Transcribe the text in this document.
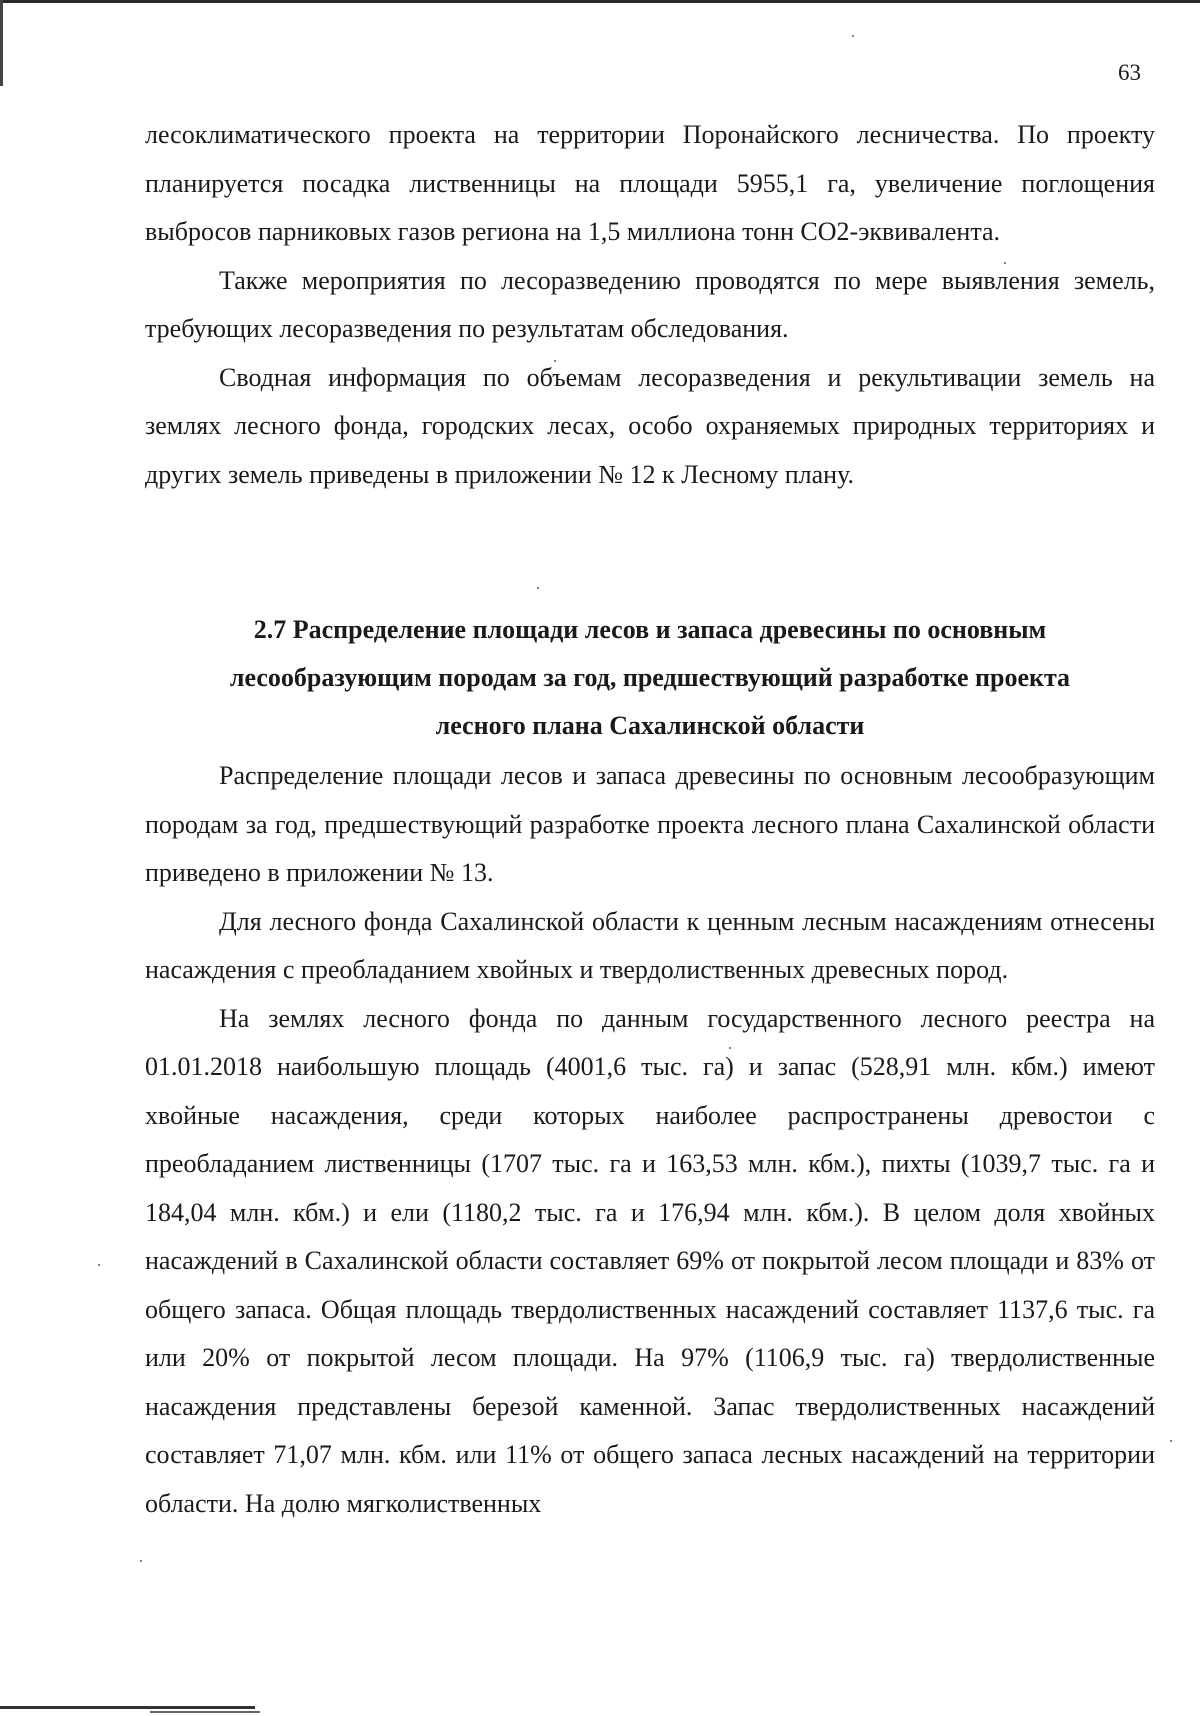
63

лесоклиматического проекта на территории Поронайского лесничества. По проекту планируется посадка лиственницы на площади 5955,1 га, увеличение поглощения выбросов парниковых газов региона на 1,5 миллиона тонн CO2-эквивалента.

Также мероприятия по лесоразведению проводятся по мере выявления земель, требующих лесоразведения по результатам обследования.

Сводная информация по объемам лесоразведения и рекультивации земель на землях лесного фонда, городских лесах, особо охраняемых природных территориях и других земель приведены в приложении № 12 к Лесному плану.

2.7 Распределение площади лесов и запаса древесины по основным
лесообразующим породам за год, предшествующий разработке проекта
лесного плана Сахалинской области

Распределение площади лесов и запаса древесины по основным лесообразующим породам за год, предшествующий разработке проекта лесного плана Сахалинской области приведено в приложении № 13.

Для лесного фонда Сахалинской области к ценным лесным насаждениям отнесены насаждения с преобладанием хвойных и твердолиственных древесных пород.

На землях лесного фонда по данным государственного лесного реестра на 01.01.2018 наибольшую площадь (4001,6 тыс. га) и запас (528,91 млн. кбм.) имеют хвойные насаждения, среди которых наиболее распространены древостои с преобладанием лиственницы (1707 тыс. га и 163,53 млн. кбм.), пихты (1039,7 тыс. га и 184,04 млн. кбм.) и ели (1180,2 тыс. га и 176,94 млн. кбм.). В целом доля хвойных насаждений в Сахалинской области составляет 69% от покрытой лесом площади и 83% от общего запаса. Общая площадь твердолиственных насаждений составляет 1137,6 тыс. га или 20% от покрытой лесом площади. На 97% (1106,9 тыс. га) твердолиственные насаждения представлены березой каменной. Запас твердолиственных насаждений составляет 71,07 млн. кбм. или 11% от общего запаса лесных насаждений на территории области. На долю мягколиственных
